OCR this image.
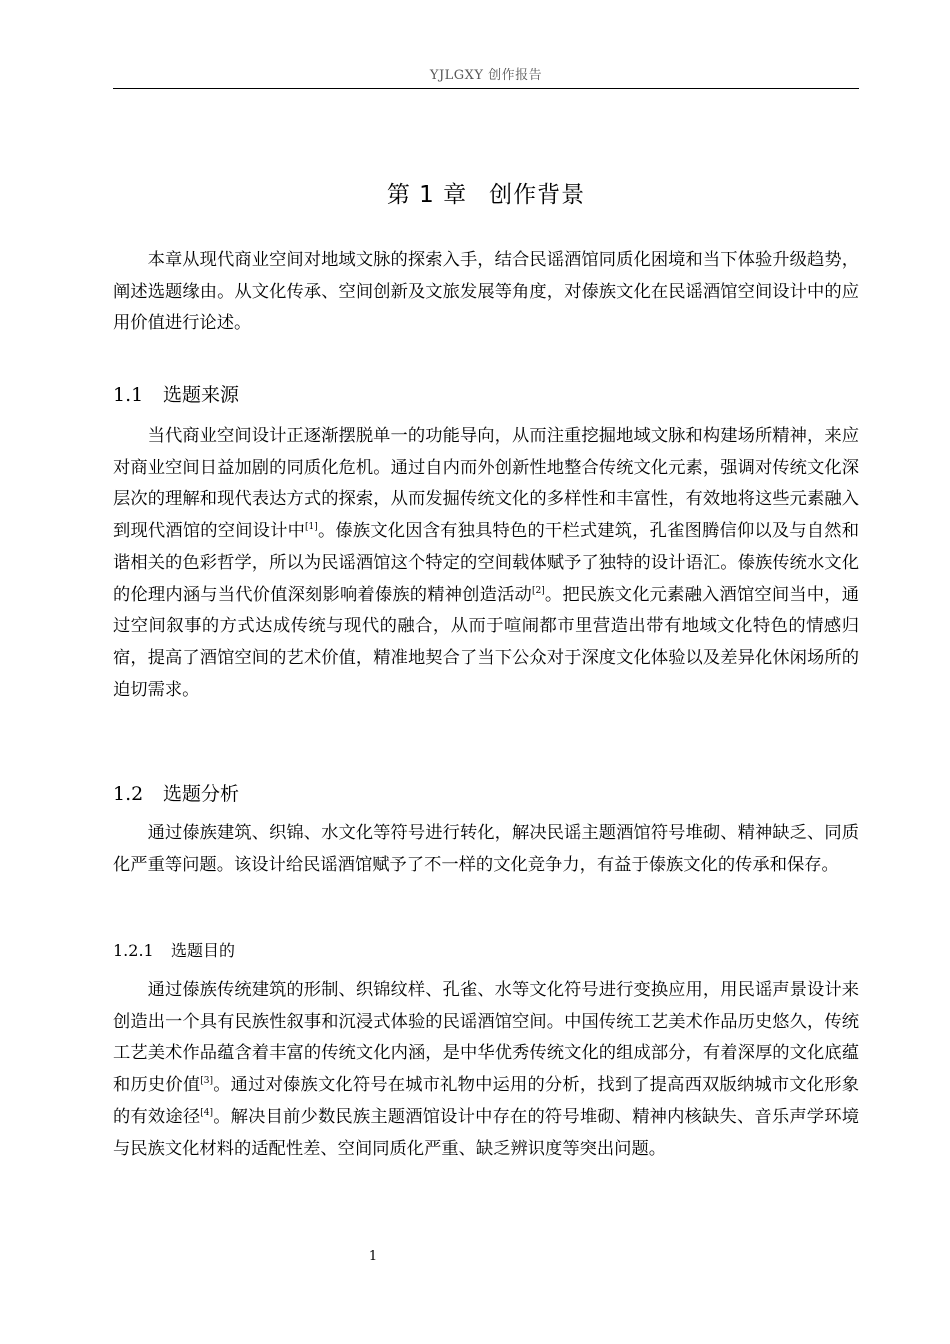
YJLGXY 创作报告
第 1 章 创作背景

本章从现代商业空间对地域文脉的探索入手，结合民谣酒馆同质化困境和当下体验升级趋势，阐述选题缘由。从文化传承、空间创新及文旅发展等角度，对傣族文化在民谣酒馆空间设计中的应用价值进行论述。

1.1 选题来源

当代商业空间设计正逐渐摆脱单一的功能导向，从而注重挖掘地域文脉和构建场所精神，来应对商业空间日益加剧的同质化危机。通过自内而外创新性地整合传统文化元素，强调对传统文化深层次的理解和现代表达方式的探索，从而发掘传统文化的多样性和丰富性，有效地将这些元素融入到现代酒馆的空间设计中[1]。傣族文化因含有独具特色的干栏式建筑，孔雀图腾信仰以及与自然和谐相关的色彩哲学，所以为民谣酒馆这个特定的空间载体赋予了独特的设计语汇。傣族传统水文化的伦理内涵与当代价值深刻影响着傣族的精神创造活动[2]。把民族文化元素融入酒馆空间当中，通过空间叙事的方式达成传统与现代的融合，从而于喧闹都市里营造出带有地域文化特色的情感归宿，提高了酒馆空间的艺术价值，精准地契合了当下公众对于深度文化体验以及差异化休闲场所的迫切需求。

1.2 选题分析

通过傣族建筑、织锦、水文化等符号进行转化，解决民谣主题酒馆符号堆砌、精神缺乏、同质化严重等问题。该设计给民谣酒馆赋予了不一样的文化竞争力，有益于傣族文化的传承和保存。

1.2.1 选题目的

通过傣族传统建筑的形制、织锦纹样、孔雀、水等文化符号进行变换应用，用民谣声景设计来创造出一个具有民族性叙事和沉浸式体验的民谣酒馆空间。中国传统工艺美术作品历史悠久，传统工艺美术作品蕴含着丰富的传统文化内涵，是中华优秀传统文化的组成部分，有着深厚的文化底蕴和历史价值[3]。通过对傣族文化符号在城市礼物中运用的分析，找到了提高西双版纳城市文化形象的有效途径[4]。解决目前少数民族主题酒馆设计中存在的符号堆砌、精神内核缺失、音乐声学环境与民族文化材料的适配性差、空间同质化严重、缺乏辨识度等突出问题。

1
